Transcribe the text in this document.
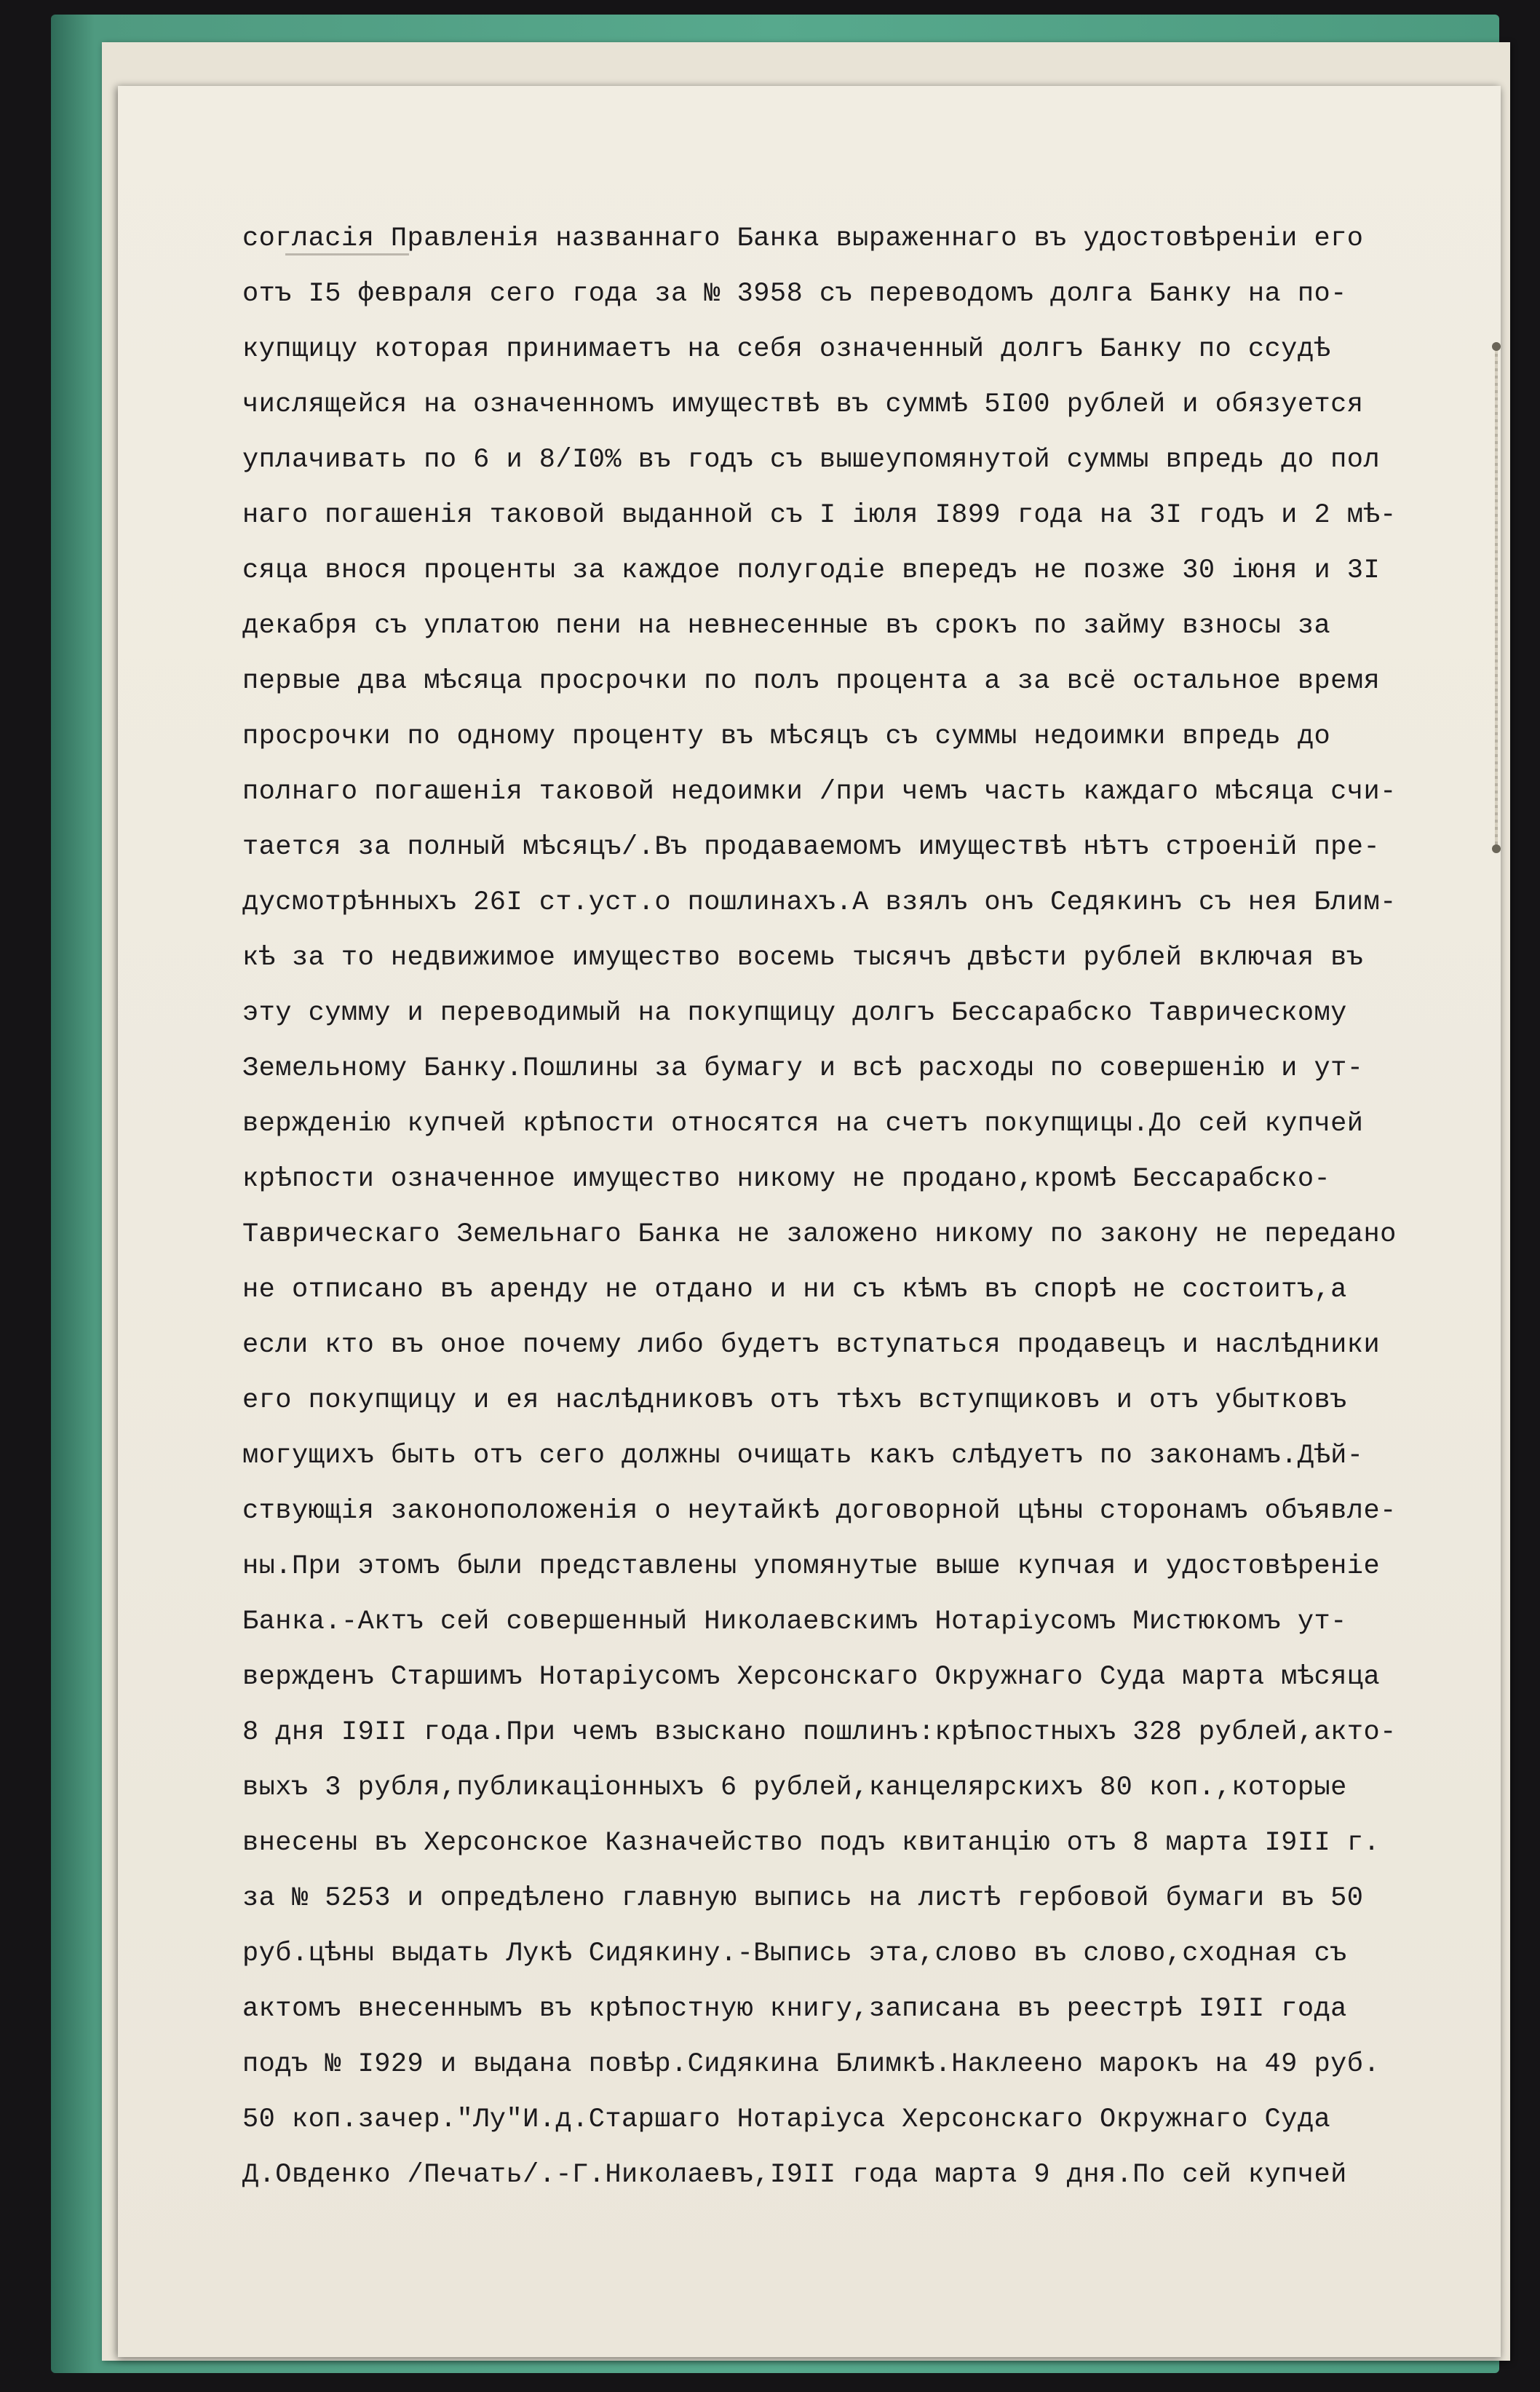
согласія Правленія названнаго Банка выраженнаго въ удостовѣреніи его
отъ I5 февраля сего года за № 3958 съ переводомъ долга Банку на по-
купщицу которая принимаетъ на себя означенный долгъ Банку по ссудѣ
числящейся на означенномъ имуществѣ въ суммѣ 5I00 рублей и обязуется
уплачивать по 6 и 8/I0% въ годъ съ вышеупомянутой суммы впредь до пол
наго погашенія таковой выданной съ I іюля I899 года на 3I годъ и 2 мѣ-
сяца внося проценты за каждое полугодіе впередъ не позже 30 іюня и 3I
декабря съ уплатою пени на невнесенные въ срокъ по займу взносы за
первые два мѣсяца просрочки по полъ процента а за всё остальное время
просрочки по одному проценту въ мѣсяцъ съ суммы недоимки впредь до
полнаго погашенія таковой недоимки /при чемъ часть каждаго мѣсяца счи-
тается за полный мѣсяцъ/.Въ продаваемомъ имуществѣ нѣтъ строеній пре-
дусмотрѣнныхъ 26I ст.уст.о пошлинахъ.А взялъ онъ Седякинъ съ нея Блим-
кѣ за то недвижимое имущество восемь тысячъ двѣсти рублей включая въ
эту сумму и переводимый на покупщицу долгъ Бессарабско Таврическому
Земельному Банку.Пошлины за бумагу и всѣ расходы по совершенію и ут-
вержденію купчей крѣпости относятся на счетъ покупщицы.До сей купчей
крѣпости означенное имущество никому не продано,кромѣ Бессарабско-
Таврическаго Земельнаго Банка не заложено никому по закону не передано
не отписано въ аренду не отдано и ни съ кѣмъ въ спорѣ не состоитъ,а
если кто въ оное почему либо будетъ вступаться продавецъ и наслѣдники
его покупщицу и ея наслѣдниковъ отъ тѣхъ вступщиковъ и отъ убытковъ
могущихъ быть отъ сего должны очищать какъ слѣдуетъ по законамъ.Дѣй-
ствующія законоположенія о неутайкѣ договорной цѣны сторонамъ объявле-
ны.При этомъ были представлены упомянутые выше купчая и удостовѣреніе
Банка.-Актъ сей совершенный Николаевскимъ Нотаріусомъ Мистюкомъ ут-
вержденъ Старшимъ Нотаріусомъ Херсонскаго Окружнаго Суда марта мѣсяца
8 дня I9II года.При чемъ взыскано пошлинъ:крѣпостныхъ 328 рублей,акто-
выхъ 3 рубля,публикаціонныхъ 6 рублей,канцелярскихъ 80 коп.,которые
внесены въ Херсонское Казначейство подъ квитанцію отъ 8 марта I9II г.
за № 5253 и опредѣлено главную выпись на листѣ гербовой бумаги въ 50
руб.цѣны выдать Лукѣ Сидякину.-Выпись эта,слово въ слово,сходная съ
актомъ внесеннымъ въ крѣпостную книгу,записана въ реестрѣ I9II года
подъ № I929 и выдана повѣр.Сидякина Блимкѣ.Наклеено марокъ на 49 руб.
50 коп.зачер."Лу"И.д.Старшаго Нотаріуса Херсонскаго Окружнаго Суда
Д.Овденко /Печать/.-Г.Николаевъ,I9II года марта 9 дня.По сей купчей
